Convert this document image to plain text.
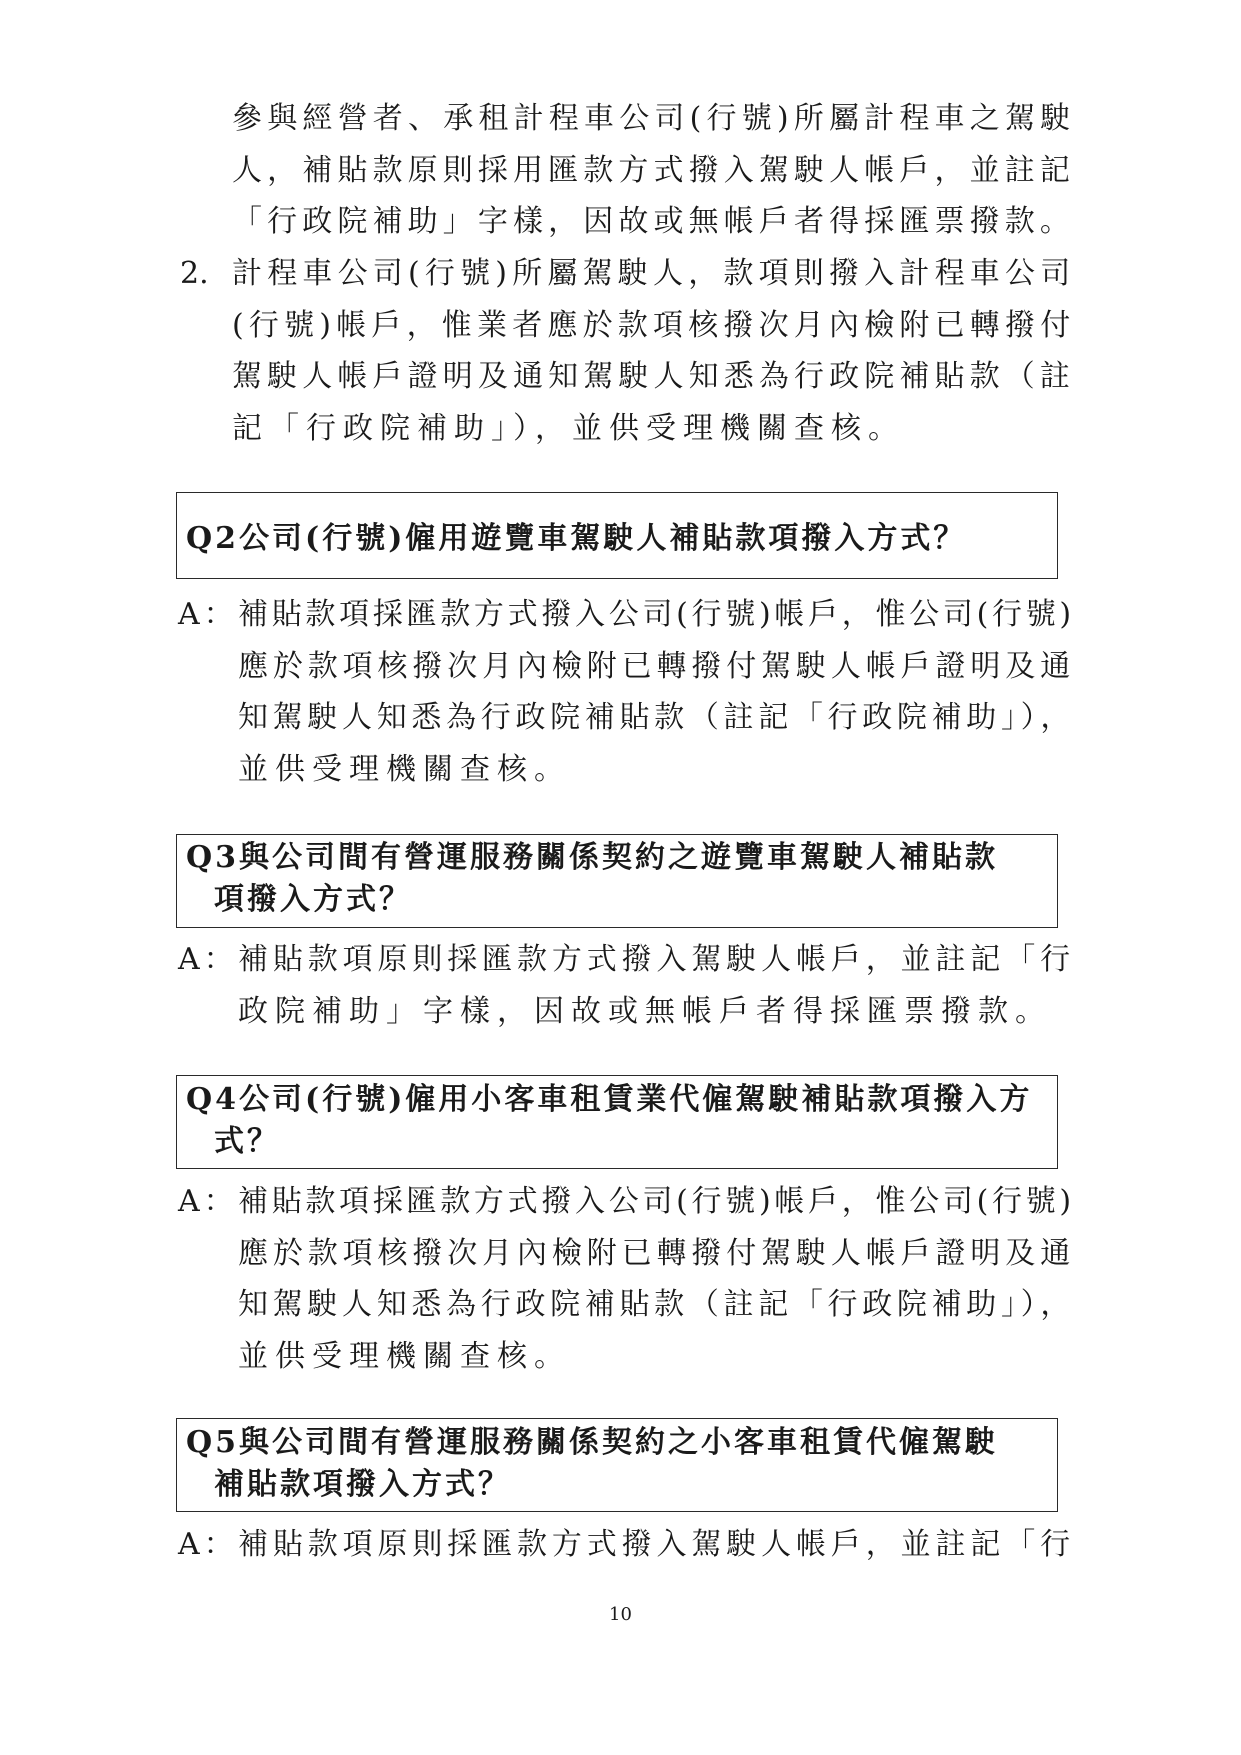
參與經營者、承租計程車公司(行號)所屬計程車之駕駛
人，補貼款原則採用匯款方式撥入駕駛人帳戶，並註記
「行政院補助」字樣，因故或無帳戶者得採匯票撥款。
2. 計程車公司(行號)所屬駕駛人，款項則撥入計程車公司
(行號)帳戶，惟業者應於款項核撥次月內檢附已轉撥付
駕駛人帳戶證明及通知駕駛人知悉為行政院補貼款（註
記「行政院補助」），並供受理機關查核。
Q2公司(行號)僱用遊覽車駕駛人補貼款項撥入方式？
A： 補貼款項採匯款方式撥入公司(行號)帳戶，惟公司(行號)
應於款項核撥次月內檢附已轉撥付駕駛人帳戶證明及通
知駕駛人知悉為行政院補貼款（註記「行政院補助」），
並供受理機關查核。
Q3與公司間有營運服務關係契約之遊覽車駕駛人補貼款
項撥入方式？
A： 補貼款項原則採匯款方式撥入駕駛人帳戶，並註記「行
政院補助」字樣，因故或無帳戶者得採匯票撥款。
Q4公司(行號)僱用小客車租賃業代僱駕駛補貼款項撥入方
式？
A： 補貼款項採匯款方式撥入公司(行號)帳戶，惟公司(行號)
應於款項核撥次月內檢附已轉撥付駕駛人帳戶證明及通
知駕駛人知悉為行政院補貼款（註記「行政院補助」），
並供受理機關查核。
Q5與公司間有營運服務關係契約之小客車租賃代僱駕駛
補貼款項撥入方式？
A： 補貼款項原則採匯款方式撥入駕駛人帳戶，並註記「行
10
